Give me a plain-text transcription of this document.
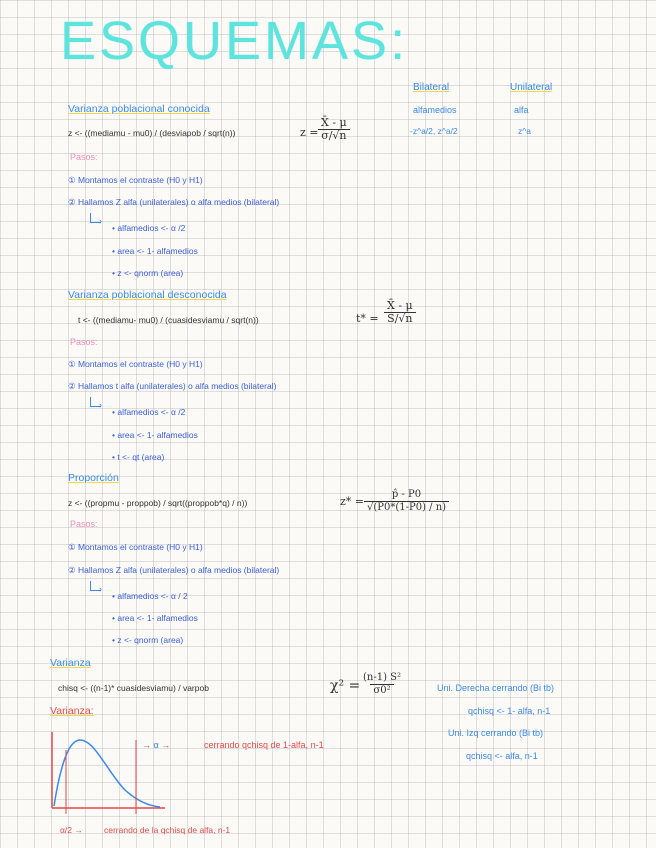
ESQUEMAS:
Bilateral	Unilateral
alfamedios	alfa
-z^a/2, z^a/2	z^a
Varianza poblacional conocida
z <- ((mediamu - mu0) / (desviapob / sqrt(n))	$z = \frac{X̄ - \mu}{\sigma/√n}$
Pasos:
① Montamos el contraste (H0 y H1)
② Hallamos Z alfa (unilaterales) o alfa medios (bilateral)
›
• alfamedios <- α /2
• area <- 1- alfamedios
• z <- qnorm (area)
Varianza poblacional desconocida
t <- ((mediamu- mu0) / (cuasidesviamu / sqrt(n))	$t* = \frac{X̄ - \mu}{S/√n}$
Pasos:
① Montamos el contraste (H0 y H1)
② Hallamos t alfa (unilaterales) o alfa medios (bilateral)
›
• alfamedios <- α /2
• area <- 1- alfamedios
• t <- qt (area)
Proporción
z <- ((propmu - proppob) / sqrt((proppob*q) / n))	$z* = \frac{p̂ - P0}{√(P0*(1-P0) / n)}$
Pasos:
① Montamos el contraste (H0 y H1)
② Hallamos Z alfa (unilaterales) o alfa medios (bilateral)
›
• alfamedios <- α / 2
• area <- 1- alfamedios
• z <- qnorm (area)
Varianza
chisq <- ((n-1)* cuasidesviamu) / varpob	$\chi^2 = \frac{\text{(n-1) S²}}{\text{σ0²}}$
Varianza:
Uni. Derecha cerrando (Bi tb)
qchisq <- 1- alfa, n-1
Uni. Izq cerrando (Bi tb)
qchisq <- alfa, n-1
→ α →	cerrando qchisq de 1-alfa, n-1
α/2 → cerrando de la qchisq de alfa, n-1
